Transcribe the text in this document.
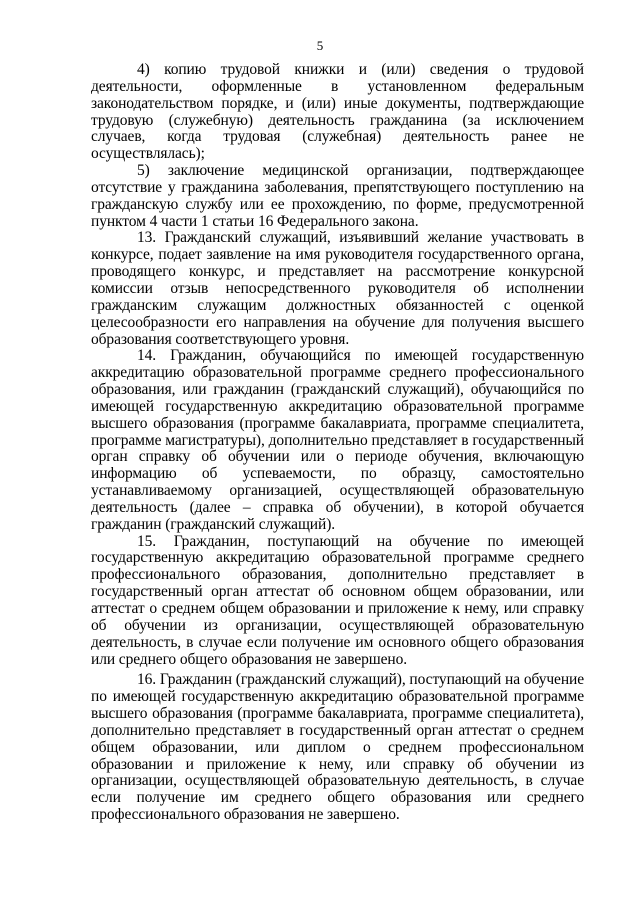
5

4) копию трудовой книжки и (или) сведения о трудовой деятельности, оформленные в установленном федеральным законодательством порядке, и (или) иные документы, подтверждающие трудовую (служебную) деятельность гражданина (за исключением случаев, когда трудовая (служебная) деятельность ранее не осуществлялась);

5) заключение медицинской организации, подтверждающее отсутствие у гражданина заболевания, препятствующего поступлению на гражданскую службу или ее прохождению, по форме, предусмотренной пунктом 4 части 1 статьи 16 Федерального закона.

13. Гражданский служащий, изъявивший желание участвовать в конкурсе, подает заявление на имя руководителя государственного органа, проводящего конкурс, и представляет на рассмотрение конкурсной комиссии отзыв непосредственного руководителя об исполнении гражданским служащим должностных обязанностей с оценкой целесообразности его направления на обучение для получения высшего образования соответствующего уровня.

14. Гражданин, обучающийся по имеющей государственную аккредитацию образовательной программе среднего профессионального образования, или гражданин (гражданский служащий), обучающийся по имеющей государственную аккредитацию образовательной программе высшего образования (программе бакалавриата, программе специалитета, программе магистратуры), дополнительно представляет в государственный орган справку об обучении или о периоде обучения, включающую информацию об успеваемости, по образцу, самостоятельно устанавливаемому организацией, осуществляющей образовательную деятельность (далее – справка об обучении), в которой обучается гражданин (гражданский служащий).

15. Гражданин, поступающий на обучение по имеющей государственную аккредитацию образовательной программе среднего профессионального образования, дополнительно представляет в государственный орган аттестат об основном общем образовании, или аттестат о среднем общем образовании и приложение к нему, или справку об обучении из организации, осуществляющей образовательную деятельность, в случае если получение им основного общего образования или среднего общего образования не завершено.

16. Гражданин (гражданский служащий), поступающий на обучение по имеющей государственную аккредитацию образовательной программе высшего образования (программе бакалавриата, программе специалитета), дополнительно представляет в государственный орган аттестат о среднем общем образовании, или диплом о среднем профессиональном образовании и приложение к нему, или справку об обучении из организации, осуществляющей образовательную деятельность, в случае если получение им среднего общего образования или среднего профессионального образования не завершено.
